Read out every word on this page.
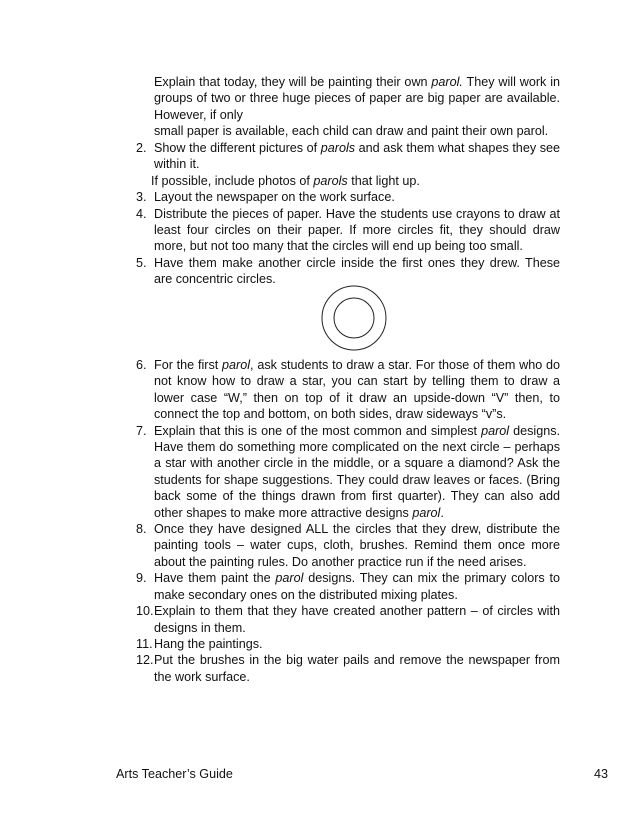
Explain that today, they will be painting their own parol. They will work in groups of two or three huge pieces of paper are big paper are available. However, if only

small paper is available, each child can draw and paint their own parol.

2. Show the different pictures of parols and ask them what shapes they see within it.
If possible, include photos of parols that light up.
3. Layout the newspaper on the work surface.
4. Distribute the pieces of paper. Have the students use crayons to draw at least four circles on their paper. If more circles fit, they should draw more, but not too many that the circles will end up being too small.
5. Have them make another circle inside the first ones they drew. These are concentric circles.
6. For the first parol, ask students to draw a star. For those of them who do not know how to draw a star, you can start by telling them to draw a lower case “W,” then on top of it draw an upside-down “V” then, to connect the top and bottom, on both sides, draw sideways “v”s.
7. Explain that this is one of the most common and simplest parol designs. Have them do something more complicated on the next circle – perhaps a star with another circle in the middle, or a square a diamond? Ask the students for shape suggestions. They could draw leaves or faces. (Bring back some of the things drawn from first quarter). They can also add other shapes to make more attractive designs parol.
8. Once they have designed ALL the circles that they drew, distribute the painting tools – water cups, cloth, brushes. Remind them once more about the painting rules. Do another practice run if the need arises.
9. Have them paint the parol designs. They can mix the primary colors to make secondary ones on the distributed mixing plates.
10. Explain to them that they have created another pattern – of circles with designs in them.
11. Hang the paintings.
12. Put the brushes in the big water pails and remove the newspaper from the work surface.
Arts Teacher’s Guide	43
